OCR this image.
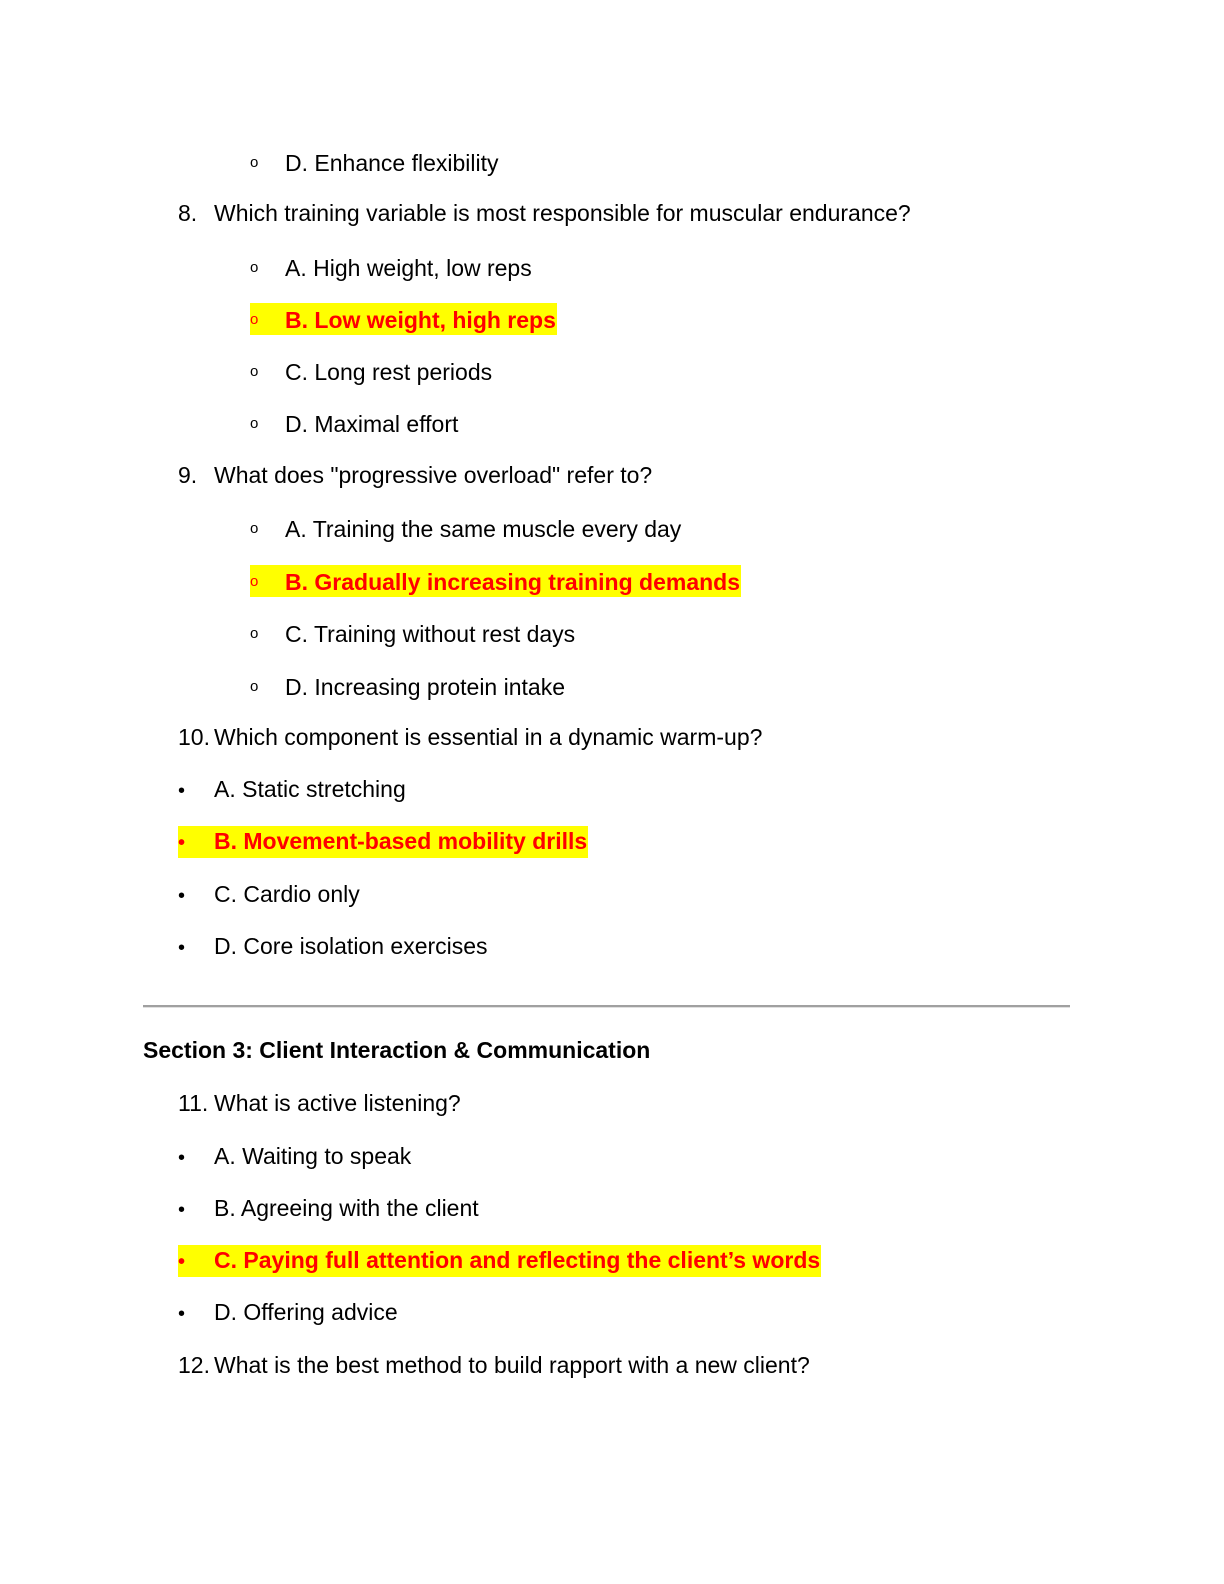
o D. Enhance flexibility
8. Which training variable is most responsible for muscular endurance?
o A. High weight, low reps
o B. Low weight, high reps
o C. Long rest periods
o D. Maximal effort
9. What does "progressive overload" refer to?
o A. Training the same muscle every day
o B. Gradually increasing training demands
o C. Training without rest days
o D. Increasing protein intake
10. Which component is essential in a dynamic warm-up?
• A. Static stretching
• B. Movement-based mobility drills
• C. Cardio only
• D. Core isolation exercises
Section 3: Client Interaction & Communication
11. What is active listening?
• A. Waiting to speak
• B. Agreeing with the client
• C. Paying full attention and reflecting the client’s words
• D. Offering advice
12. What is the best method to build rapport with a new client?
